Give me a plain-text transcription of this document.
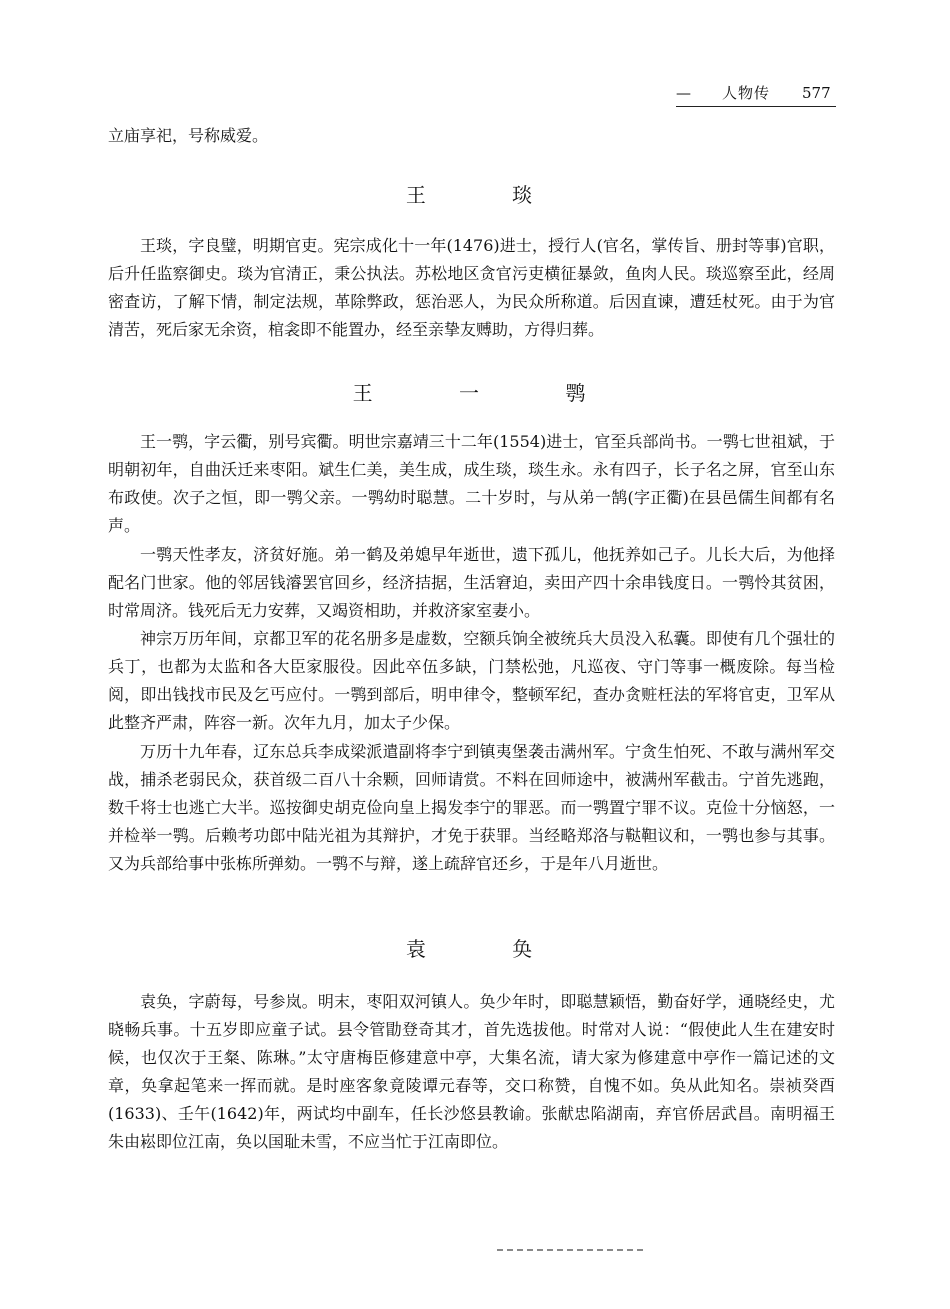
— 人物传 577
立庙享祀，号称威爱。
王 琰

王琰，字良璧，明期官吏。宪宗成化十一年(1476)进士，授行人(官名，掌传旨、册封等事)官职，后升任监察御史。琰为官清正，秉公执法。苏松地区贪官污吏横征暴敛，鱼肉人民。琰巡察至此，经周密査访，了解下情，制定法规，革除弊政，惩治恶人，为民众所称道。后因直谏，遭廷杖死。由于为官清苦，死后家无余资，棺衾即不能置办，经至亲挚友赙助，方得归葬。

王 一 鹗

王一鹗，字云衢，别号宾衢。明世宗嘉靖三十二年(1554)进士，官至兵部尚书。一鹗七世祖斌，于明朝初年，自曲沃迁来枣阳。斌生仁美，美生成，成生琰，琰生永。永有四子，长子名之屏，官至山东布政使。次子之恒，即一鹗父亲。一鹗幼时聪慧。二十岁时，与从弟一鹄(字正衢)在县邑儒生间都有名声。

一鹗天性孝友，济贫好施。弟一鹤及弟媳早年逝世，遗下孤儿，他抚养如己子。儿长大后，为他择配名门世家。他的邻居钱濬罢官回乡，经济拮据，生活窘迫，卖田产四十余串钱度日。一鹗怜其贫困，时常周济。钱死后无力安葬，又竭资相助，并救济家室妻小。

神宗万历年间，京都卫军的花名册多是虚数，空额兵饷全被统兵大员没入私囊。即使有几个强壮的兵丁，也都为太监和各大臣家服役。因此卒伍多缺，门禁松弛，凡巡夜、守门等事一概废除。每当检阅，即出钱找市民及乞丐应付。一鹗到部后，明申律令，整顿军纪，查办贪赃枉法的军将官吏，卫军从此整齐严肃，阵容一新。次年九月，加太子少保。

万历十九年春，辽东总兵李成梁派遣副将李宁到镇夷堡袭击满州军。宁贪生怕死、不敢与满州军交战，捕杀老弱民众，获首级二百八十余颗，回师请赏。不料在回师途中，被满州军截击。宁首先逃跑，数千将士也逃亡大半。巡按御史胡克俭向皇上揭发李宁的罪恶。而一鹗置宁罪不议。克俭十分恼怒，一并检举一鹗。后赖考功郎中陆光祖为其辩护，才免于获罪。当经略郑洛与鞑靼议和，一鹗也参与其事。又为兵部给事中张栋所弹劾。一鹗不与辩，遂上疏辞官还乡，于是年八月逝世。

袁 奂

袁奂，字蔚每，号参岚。明末，枣阳双河镇人。奂少年时，即聪慧颖悟，勤奋好学，通晓经史，尤晓畅兵事。十五岁即应童子试。县令管勖登奇其才，首先选拔他。时常对人说：“假使此人生在建安时候，也仅次于王粲、陈琳。”太守唐梅臣修建意中亭，大集名流，请大家为修建意中亭作一篇记述的文章，奂拿起笔来一挥而就。是时座客象竟陵谭元春等，交口称赞，自愧不如。奂从此知名。崇祯癸酉(1633)、壬午(1642)年，两试均中副车，任长沙悠县教谕。张献忠陷湖南，弃官侨居武昌。南明福王朱由崧即位江南，奂以国耻未雪，不应当忙于江南即位。
